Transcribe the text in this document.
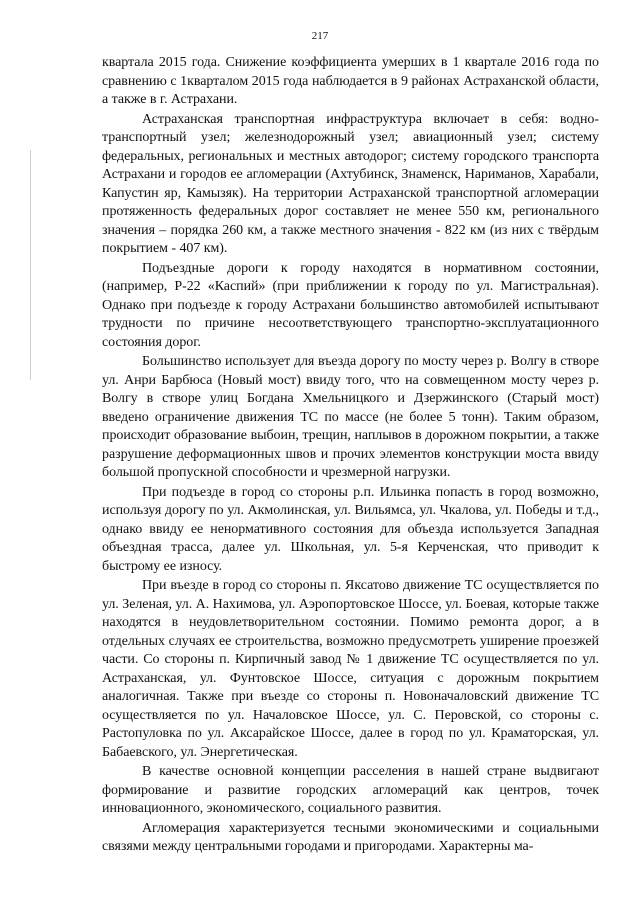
217

квартала 2015 года. Снижение коэффициента умерших в 1 квартале 2016 года по сравнению с 1кварталом 2015 года наблюдается в 9 районах Астраханской области, а также в г. Астрахани.

Астраханская транспортная инфраструктура включает в себя: водно-транспортный узел; железнодорожный узел; авиационный узел; систему федеральных, региональных и местных автодорог; систему городского транспорта Астрахани и городов ее агломерации (Ахтубинск, Знаменск, Нариманов, Харабали, Капустин яр, Камызяк). На территории Астраханской транспортной агломерации протяженность федеральных дорог составляет не менее 550 км, регионального значения – порядка 260 км, а также местного значения - 822 км (из них с твёрдым покрытием - 407 км).

Подъездные дороги к городу находятся в нормативном состоянии, (например, Р-22 «Каспий» (при приближении к городу по ул. Магистральная). Однако при подъезде к городу Астрахани большинство автомобилей испытывают трудности по причине несоответствующего транспортно-эксплуатационного состояния дорог.

Большинство использует для въезда дорогу по мосту через р. Волгу в створе ул. Анри Барбюса (Новый мост) ввиду того, что на совмещенном мосту через р. Волгу в створе улиц Богдана Хмельницкого и Дзержинского (Старый мост) введено ограничение движения ТС по массе (не более 5 тонн). Таким образом, происходит образование выбоин, трещин, наплывов в дорожном покрытии, а также разрушение деформационных швов и прочих элементов конструкции моста ввиду большой пропускной способности и чрезмерной нагрузки.

При подъезде в город со стороны р.п. Ильинка попасть в город возможно, используя дорогу по ул. Акмолинская, ул. Вильямса, ул. Чкалова, ул. Победы и т.д., однако ввиду ее ненормативного состояния для объезда используется Западная объездная трасса, далее ул. Школьная, ул. 5-я Керченская, что приводит к быстрому ее износу.

При въезде в город со стороны п. Яксатово движение ТС осуществляется по ул. Зеленая, ул. А. Нахимова, ул. Аэропортовское Шоссе, ул. Боевая, которые также находятся в неудовлетворительном состоянии. Помимо ремонта дорог, а в отдельных случаях ее строительства, возможно предусмотреть уширение проезжей части. Со стороны п. Кирпичный завод № 1 движение ТС осуществляется по ул. Астраханская, ул. Фунтовское Шоссе, ситуация с дорожным покрытием аналогичная. Также при въезде со стороны п. Новоначаловский движение ТС осуществляется по ул. Началовское Шоссе, ул. С. Перовской, со стороны с. Растопуловка по ул. Аксарайское Шоссе, далее в город по ул. Краматорская, ул. Бабаевского, ул. Энергетическая.

В качестве основной концепции расселения в нашей стране выдвигают формирование и развитие городских агломераций как центров, точек инновационного, экономического, социального развития.

Агломерация характеризуется тесными экономическими и социальными связями между центральными городами и пригородами. Характерны ма-
